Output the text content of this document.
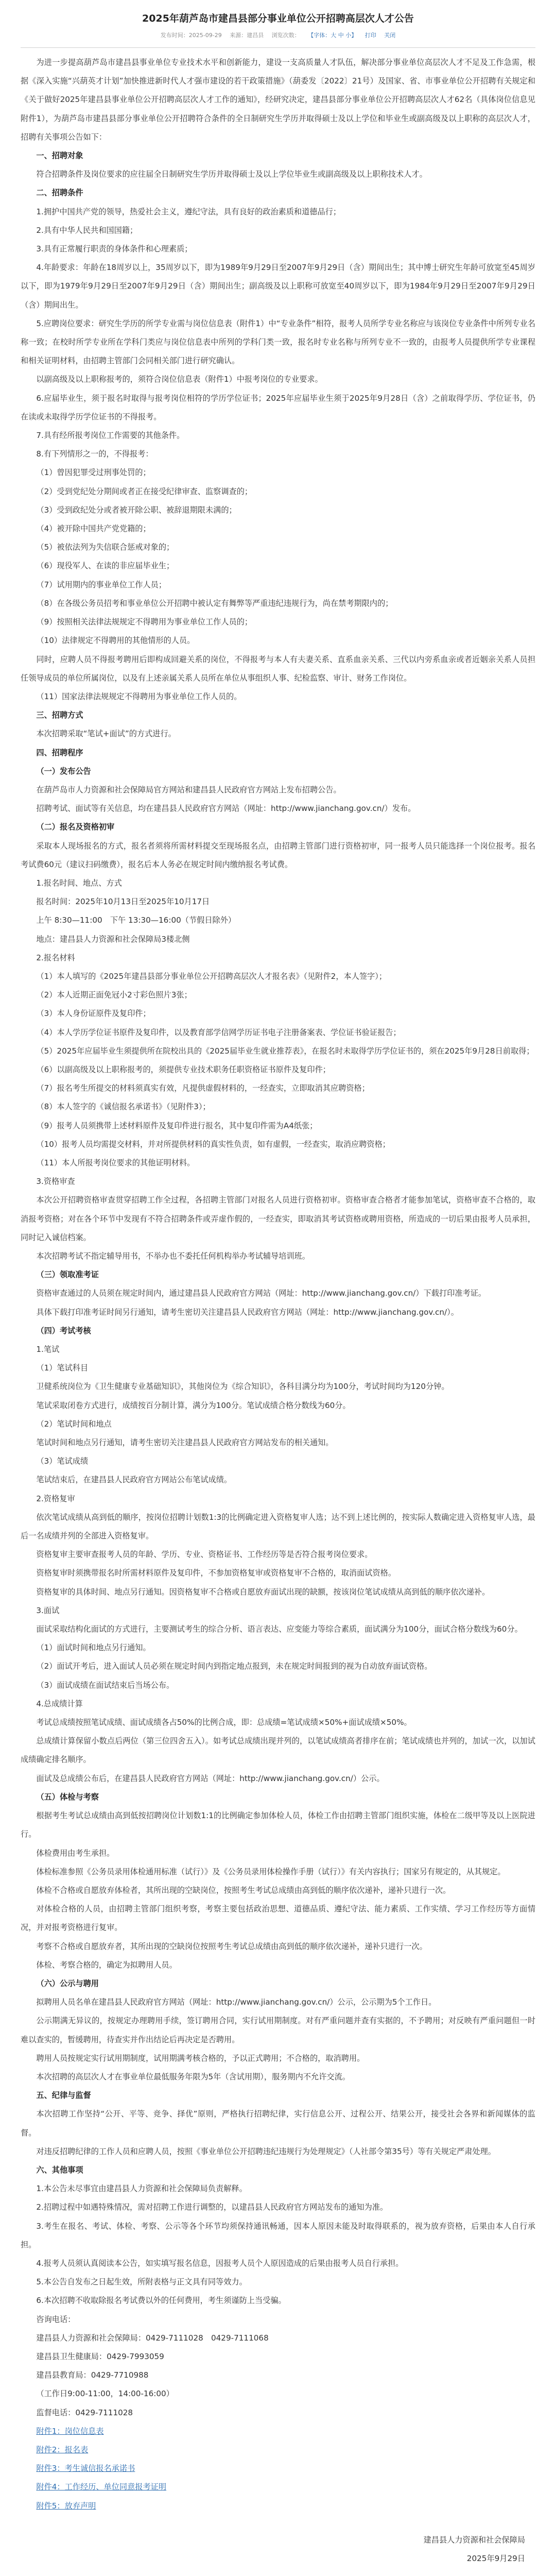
2025年葫芦岛市建昌县部分事业单位公开招聘高层次人才公告
发布时间：2025-09-29 来源：建昌县 浏览次数： 【字体：大 中 小】 打印 关闭

为进一步提高葫芦岛市建昌县事业单位专业技术水平和创新能力，建设一支高质量人才队伍，解决部分事业单位高层次人才不足及工作急需，根据《深入实施“兴葫英才计划”加快推进新时代人才强市建设的若干政策措施》（葫委发〔2022〕21号）及国家、省、市事业单位公开招聘有关规定和《关于做好2025年建昌县事业单位公开招聘高层次人才工作的通知》，经研究决定，建昌县部分事业单位公开招聘高层次人才62名（具体岗位信息见附件1），为葫芦岛市建昌县部分事业单位公开招聘符合条件的全日制研究生学历并取得硕士及以上学位和毕业生或副高级及以上职称的高层次人才，招聘有关事项公告如下：

一、招聘对象

符合招聘条件及岗位要求的应往届全日制研究生学历并取得硕士及以上学位毕业生或副高级及以上职称技术人才。

二、招聘条件

1.拥护中国共产党的领导，热爱社会主义，遵纪守法，具有良好的政治素质和道德品行；

2.具有中华人民共和国国籍；

3.具有正常履行职责的身体条件和心理素质；

4.年龄要求：年龄在18周岁以上，35周岁以下，即为1989年9月29日至2007年9月29日（含）期间出生；其中博士研究生年龄可放宽至45周岁以下，即为1979年9月29日至2007年9月29日（含）期间出生；副高级及以上职称可放宽至40周岁以下，即为1984年9月29日至2007年9月29日（含）期间出生。

5.应聘岗位要求：研究生学历的所学专业需与岗位信息表（附件1）中“专业条件”相符，报考人员所学专业名称应与该岗位专业条件中所列专业名称一致；在校时所学专业所在学科门类应与岗位信息表中所列的学科门类一致，报名时专业名称与所列专业不一致的，由报考人员提供所学专业课程和相关证明材料，由招聘主管部门会同相关部门进行研究确认。

以副高级及以上职称报考的，须符合岗位信息表（附件1）中报考岗位的专业要求。

6.应届毕业生，须于报名时取得与报考岗位相符的学历学位证书；2025年应届毕业生须于2025年9月28日（含）之前取得学历、学位证书，仍在读或未取得学历学位证书的不得报考。

7.具有经所报考岗位工作需要的其他条件。

8.有下列情形之一的，不得报考：

（1）曾因犯罪受过刑事处罚的；

（2）受到党纪处分期间或者正在接受纪律审查、监察调查的；

（3）受到政纪处分或者被开除公职、被辞退期限未满的；

（4）被开除中国共产党党籍的；

（5）被依法列为失信联合惩戒对象的；

（6）现役军人、在读的非应届毕业生；

（7）试用期内的事业单位工作人员；

（8）在各级公务员招考和事业单位公开招聘中被认定有舞弊等严重违纪违规行为，尚在禁考期限内的；

（9）按照相关法律法规规定不得聘用为事业单位工作人员的；

（10）法律规定不得聘用的其他情形的人员。

同时，应聘人员不得报考聘用后即构成回避关系的岗位，不得报考与本人有夫妻关系、直系血亲关系、三代以内旁系血亲或者近姻亲关系人员担任领导成员的单位所属岗位，以及有上述亲属关系人员所在单位从事组织人事、纪检监察、审计、财务工作岗位。

（11）国家法律法规规定不得聘用为事业单位工作人员的。

三、招聘方式

本次招聘采取“笔试+面试”的方式进行。

四、招聘程序

（一）发布公告

在葫芦岛市人力资源和社会保障局官方网站和建昌县人民政府官方网站上发布招聘公告。

招聘考试、面试等有关信息，均在建昌县人民政府官方网站（网址：http://www.jianchang.gov.cn/）发布。

（二）报名及资格初审

采取本人现场报名的方式，报名者须将所需材料提交至现场报名点，由招聘主管部门进行资格初审，同一报考人员只能选择一个岗位报考。报名考试费60元（建议扫码缴费），报名后本人务必在规定时间内缴纳报名考试费。

1.报名时间、地点、方式

报名时间：2025年10月13日至2025年10月17日

上午 8:30—11:00　下午 13:30—16:00（节假日除外）

地点：建昌县人力资源和社会保障局3楼北侧

2.报名材料

（1）本人填写的《2025年建昌县部分事业单位公开招聘高层次人才报名表》（见附件2，本人签字）；

（2）本人近期正面免冠小2寸彩色照片3张；

（3）本人身份证原件及复印件；

（4）本人学历学位证书原件及复印件，以及教育部学信网学历证书电子注册备案表、学位证书验证报告；

（5）2025年应届毕业生须提供所在院校出具的《2025届毕业生就业推荐表》，在报名时未取得学历学位证书的，须在2025年9月28日前取得；

（6）以副高级及以上职称报考的，须提供专业技术职务任职资格证书原件及复印件；

（7）报名考生所提交的材料须真实有效，凡提供虚假材料的，一经查实，立即取消其应聘资格；

（8）本人签字的《诚信报名承诺书》（见附件3）；

（9）报考人员须携带上述材料原件及复印件进行报名，其中复印件需为A4纸张；

（10）报考人员均需提交材料，并对所提供材料的真实性负责，如有虚假，一经查实，取消应聘资格；

（11）本人所报考岗位要求的其他证明材料。

3.资格审查

本次公开招聘资格审查贯穿招聘工作全过程，各招聘主管部门对报名人员进行资格初审。资格审查合格者才能参加笔试，资格审查不合格的，取消报考资格；对在各个环节中发现有不符合招聘条件或弄虚作假的，一经查实，即取消其考试资格或聘用资格，所造成的一切后果由报考人员承担，同时记入诚信档案。

本次招聘考试不指定辅导用书，不举办也不委托任何机构举办考试辅导培训班。

（三）领取准考证

资格审查通过的人员须在规定时间内，通过建昌县人民政府官方网站（网址：http://www.jianchang.gov.cn/）下载打印准考证。

具体下载打印准考证时间另行通知，请考生密切关注建昌县人民政府官方网站（网址：http://www.jianchang.gov.cn/）。

（四）考试考核

1.笔试

（1）笔试科目

卫健系统岗位为《卫生健康专业基础知识》，其他岗位为《综合知识》，各科目满分均为100分，考试时间均为120分钟。

笔试采取闭卷方式进行，成绩按百分制计算，满分为100分。笔试成绩合格分数线为60分。

（2）笔试时间和地点

笔试时间和地点另行通知，请考生密切关注建昌县人民政府官方网站发布的相关通知。

（3）笔试成绩

笔试结束后，在建昌县人民政府官方网站公布笔试成绩。

2.资格复审

依次笔试成绩从高到低的顺序，按岗位招聘计划数1:3的比例确定进入资格复审人选；达不到上述比例的，按实际人数确定进入资格复审人选，最后一名成绩并列的全部进入资格复审。

资格复审主要审查报考人员的年龄、学历、专业、资格证书、工作经历等是否符合报考岗位要求。

资格复审时须携带报名时所需材料原件及复印件，不参加资格复审或资格复审不合格的，取消面试资格。

资格复审的具体时间、地点另行通知。因资格复审不合格或自愿放弃面试出现的缺额，按该岗位笔试成绩从高到低的顺序依次递补。

3.面试

面试采取结构化面试的方式进行，主要测试考生的综合分析、语言表达、应变能力等综合素质，面试满分为100分，面试合格分数线为60分。

（1）面试时间和地点另行通知。

（2）面试开考后，进入面试人员必须在规定时间内到指定地点报到，未在规定时间报到的视为自动放弃面试资格。

（3）面试成绩在面试结束后当场公布。

4.总成绩计算

考试总成绩按照笔试成绩、面试成绩各占50%的比例合成，即：总成绩=笔试成绩×50%+面试成绩×50%。

总成绩计算保留小数点后两位（第三位四舍五入）。如考试总成绩出现并列的，以笔试成绩高者排序在前；笔试成绩也并列的，加试一次，以加试成绩确定排名顺序。

面试及总成绩公布后，在建昌县人民政府官方网站（网址：http://www.jianchang.gov.cn/）公示。

（五）体检与考察

根据考生考试总成绩由高到低按招聘岗位计划数1:1的比例确定参加体检人员，体检工作由招聘主管部门组织实施，体检在二级甲等及以上医院进行。

体检费用由考生承担。

体检标准参照《公务员录用体检通用标准（试行）》及《公务员录用体检操作手册（试行）》有关内容执行；国家另有规定的，从其规定。

体检不合格或自愿放弃体检者，其所出现的空缺岗位，按照考生考试总成绩由高到低的顺序依次递补，递补只进行一次。

对体检合格的人员，由招聘主管部门组织考察，考察主要包括政治思想、道德品质、遵纪守法、能力素质、工作实绩、学习工作经历等方面情况，并对报考资格进行复审。

考察不合格或自愿放弃者，其所出现的空缺岗位按照考生考试总成绩由高到低的顺序依次递补，递补只进行一次。

体检、考察合格的，确定为拟聘用人员。

（六）公示与聘用

拟聘用人员名单在建昌县人民政府官方网站（网址：http://www.jianchang.gov.cn/）公示，公示期为5个工作日。

公示期满无异议的，按规定办理聘用手续，签订聘用合同，实行试用期制度。对有严重问题并查有实据的，不予聘用；对反映有严重问题但一时难以查实的，暂缓聘用，待查实并作出结论后再决定是否聘用。

聘用人员按规定实行试用期制度，试用期满考核合格的，予以正式聘用；不合格的，取消聘用。

本次招聘的高层次人才在事业单位最低服务年限为5年（含试用期），服务期内不允许交流。

五、纪律与监督

本次招聘工作坚持“公开、平等、竞争、择优”原则，严格执行招聘纪律，实行信息公开、过程公开、结果公开，接受社会各界和新闻媒体的监督。

对违反招聘纪律的工作人员和应聘人员，按照《事业单位公开招聘违纪违规行为处理规定》（人社部令第35号）等有关规定严肃处理。

六、其他事项

1.本公告未尽事宜由建昌县人力资源和社会保障局负责解释。

2.招聘过程中如遇特殊情况，需对招聘工作进行调整的，以建昌县人民政府官方网站发布的通知为准。

3.考生在报名、考试、体检、考察、公示等各个环节均须保持通讯畅通，因本人原因未能及时取得联系的，视为放弃资格，后果由本人自行承担。

4.报考人员须认真阅读本公告，如实填写报名信息，因报考人员个人原因造成的后果由报考人员自行承担。

5.本公告自发布之日起生效，所附表格与正文具有同等效力。

6.本次招聘不收取除报名考试费以外的任何费用，考生须谨防上当受骗。

咨询电话：

建昌县人力资源和社会保障局：0429-7111028　0429-7111068

建昌县卫生健康局：0429-7993059

建昌县教育局：0429-7710988

（工作日9:00-11:00，14:00-16:00）

监督电话：0429-7111028

附件1：岗位信息表

附件2：报名表

附件3：考生诚信报名承诺书

附件4：工作经历、单位同意报考证明

附件5：放弃声明

建昌县人力资源和社会保障局
2025年9月29日
